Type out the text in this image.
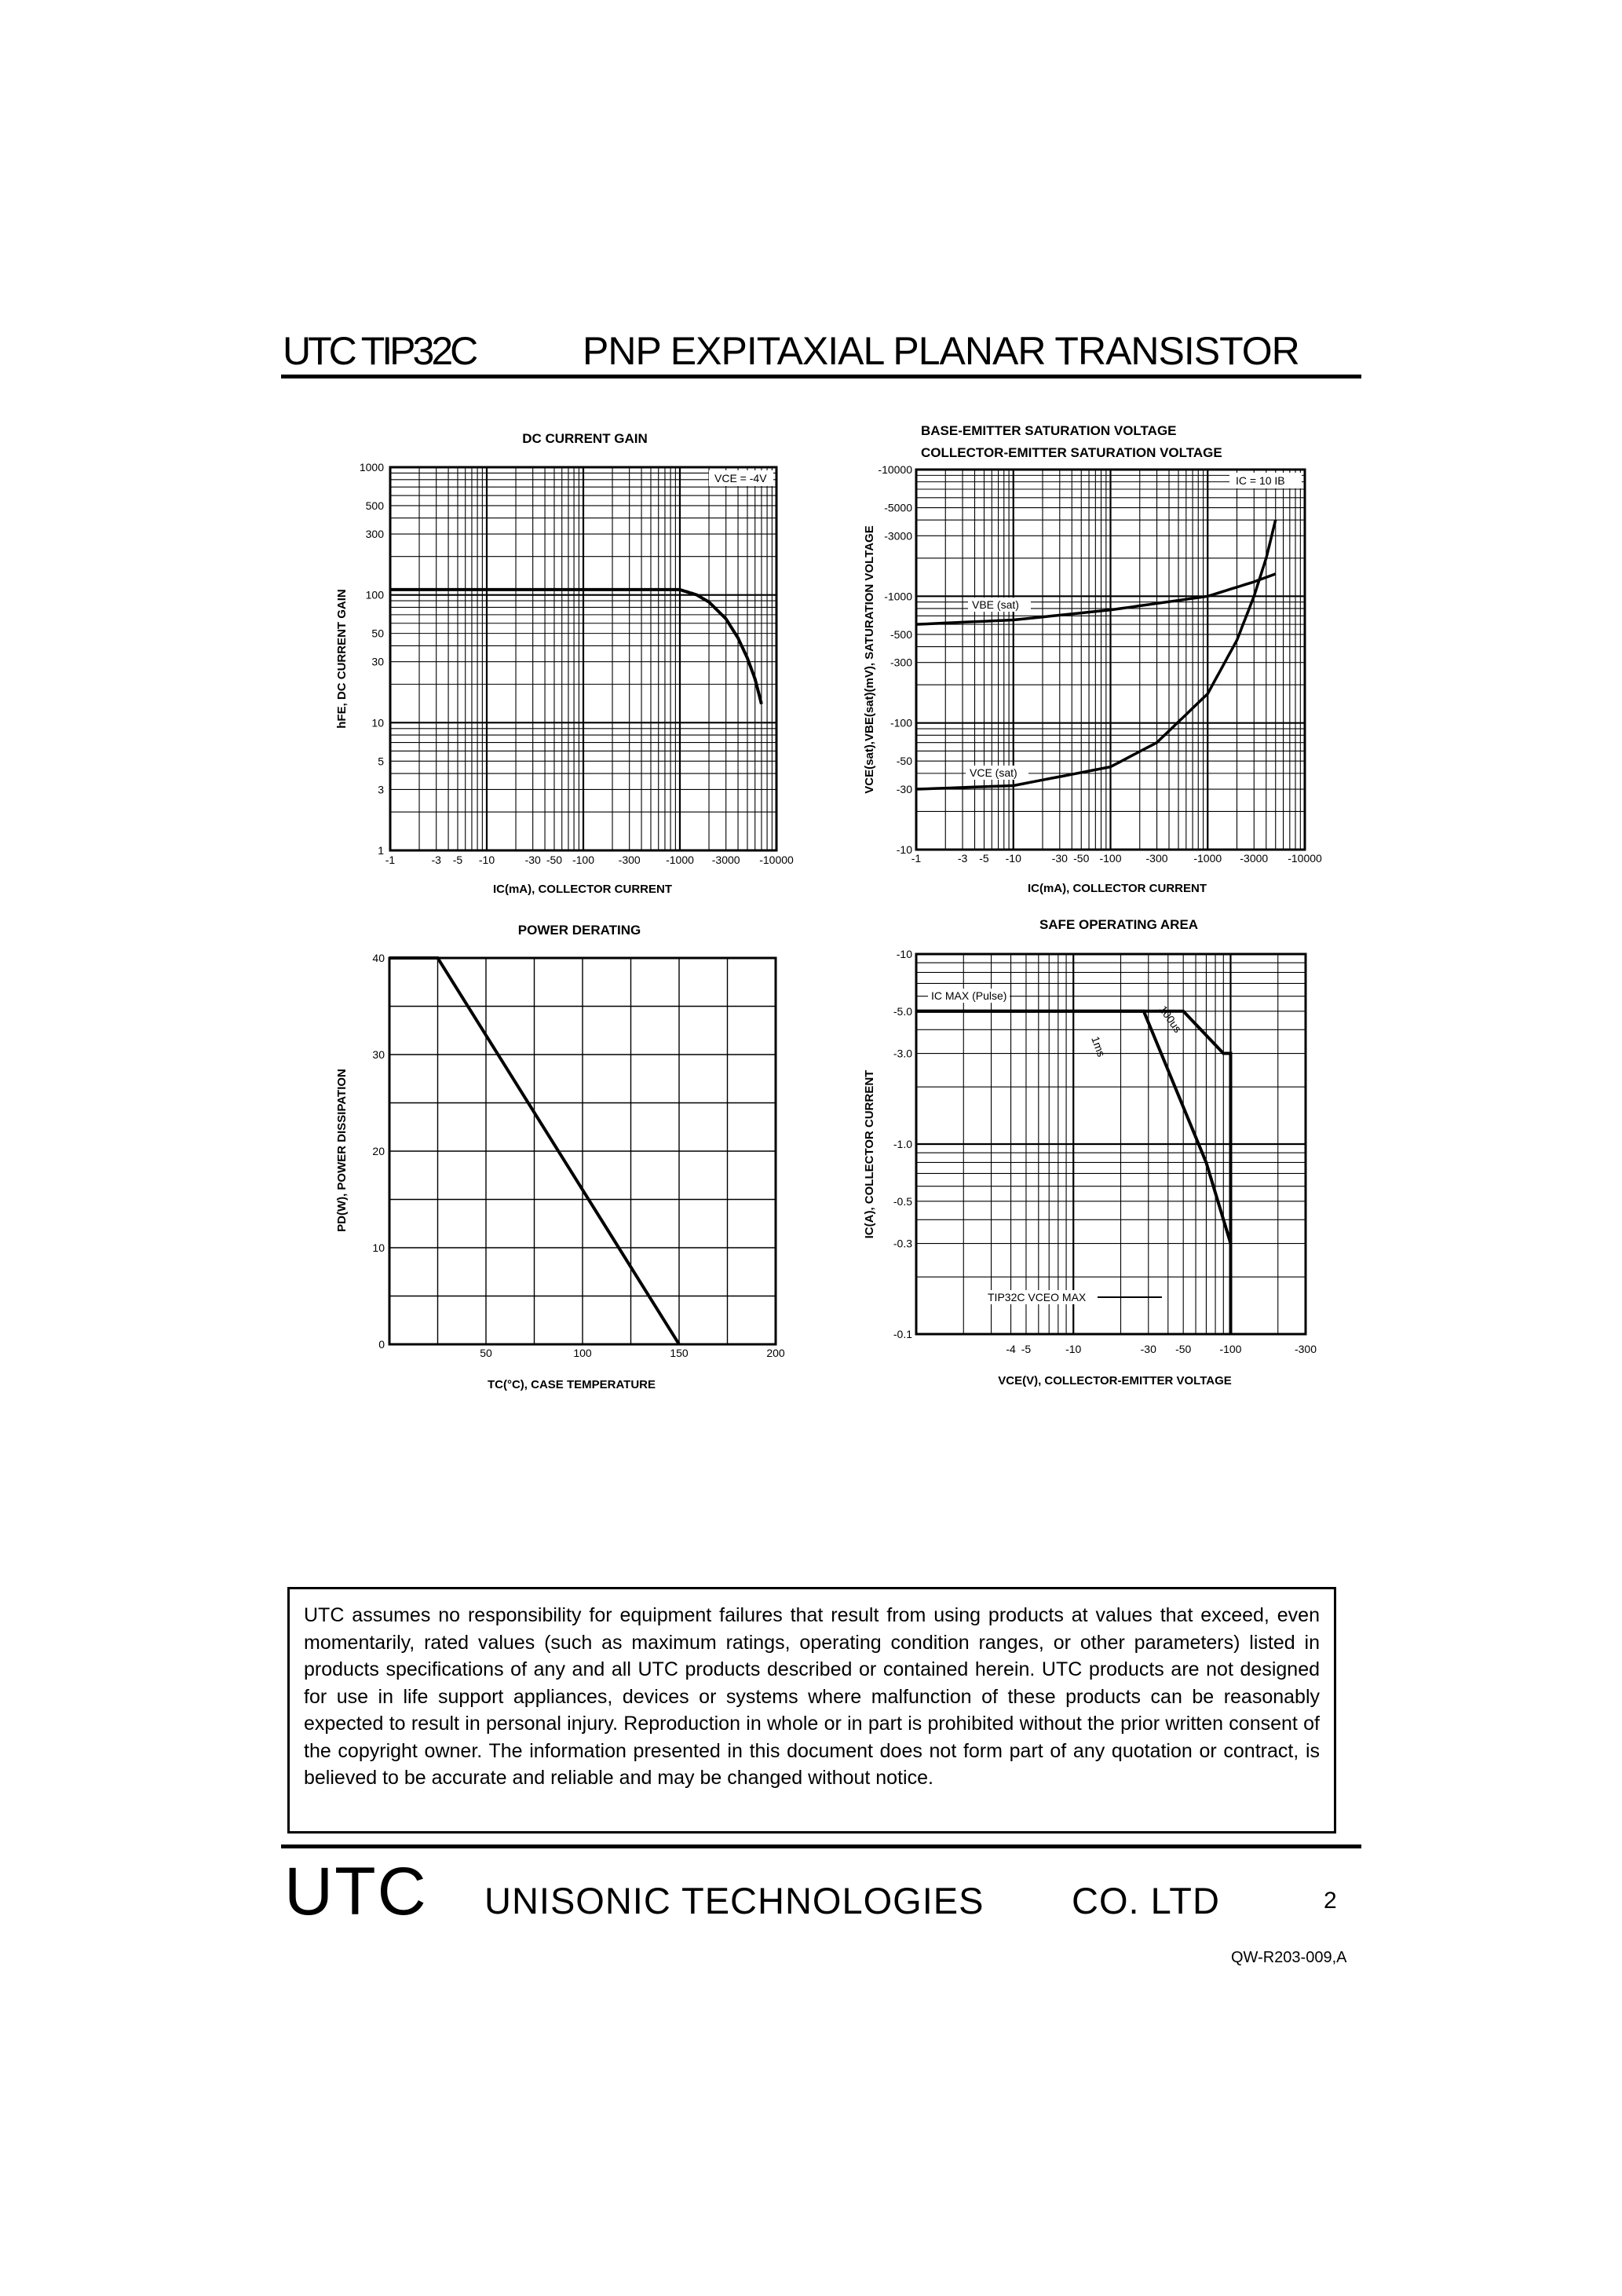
UTC TIP32C	PNP EXPITAXIAL PLANAR TRANSISTOR
DC CURRENT GAIN
VCE = -4V
1000
500
300
100
50
30
10
5
3
1
-1	-3 -5 -10	-30 -50 -100 -300 -1000 -3000 -10000
IC(mA), COLLECTOR CURRENT
hFE, DC CURRENT GAIN
BASE-EMITTER SATURATION VOLTAGE
COLLECTOR-EMITTER SATURATION VOLTAGE
IC = 10 IB
VBE (sat)
VCE (sat)
-10000
-5000
-3000
-1000
-500
-300
-100
-50
-30
-10
-1	-3 -5 -10	-30 -50 -100 -300 -1000 -3000 -10000
IC(mA), COLLECTOR CURRENT
VCE(sat),VBE(sat)(mV), SATURATION VOLTAGE
POWER DERATING
40
30
20
10
0
50	100	150	200
TC(°C), CASE TEMPERATURE
PD(W), POWER DISSIPATION
SAFE OPERATING AREA
IC MAX (Pulse)
1ms
100us
TIP32C VCEO MAX
-10
-5.0
-3.0
-1.0
-0.5
-0.3
-0.1
-4 -5	-10	-30 -50	-100	-300
VCE(V), COLLECTOR-EMITTER VOLTAGE
IC(A), COLLECTOR CURRENT
UTC assumes no responsibility for equipment failures that result from using products at values that exceed, even momentarily, rated values (such as maximum ratings, operating condition ranges, or other parameters) listed in products specifications of any and all UTC products described or contained herein. UTC products are not designed for use in life support appliances, devices or systems where malfunction of these products can be reasonably expected to result in personal injury. Reproduction in whole or in part is prohibited without the prior written consent of the copyright owner. The information presented in this document does not form part of any quotation or contract, is believed to be accurate and reliable and may be changed without notice.
UTC UNISONIC TECHNOLOGIES CO. LTD	2
QW-R203-009,A
